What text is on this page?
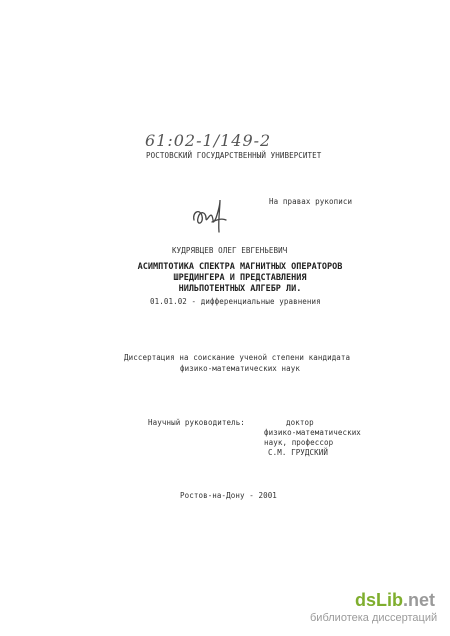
61:02-1/149-2
РОСТОВСКИЙ ГОСУДАРСТВЕННЫЙ УНИВЕРСИТЕТ
На правах рукописи
КУДРЯВЦЕВ ОЛЕГ ЕВГЕНЬЕВИЧ
АСИМПТОТИКА СПЕКТРА МАГНИТНЫХ ОПЕРАТОРОВ
ШРЕДИНГЕРА И ПРЕДСТАВЛЕНИЯ
НИЛЬПОТЕНТНЫХ АЛГЕБР ЛИ.
01.01.02 - дифференциальные уравнения
Диссертация на соискание ученой степени кандидата
физико-математических наук
Научный руководитель:	доктор
физико-математических
наук, профессор
С.М. ГРУДСКИЙ
Ростов-на-Дону - 2001
dsLib.net
библиотека диссертаций
